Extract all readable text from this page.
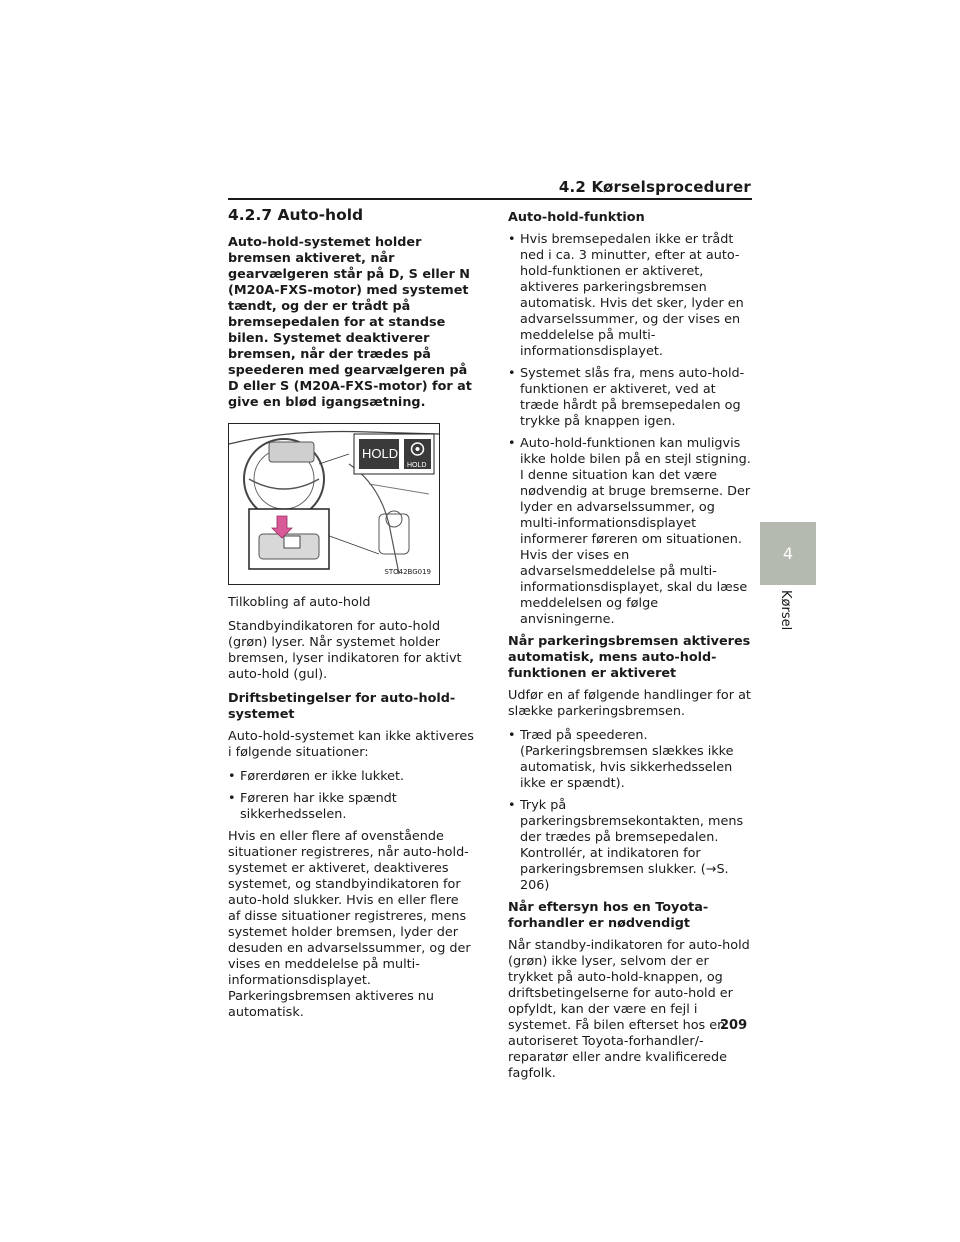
4.2 Kørselsprocedurer
4
Kørsel
4.2.7 Auto-hold

Auto-hold-systemet holder bremsen aktiveret, når gearvælgeren står på D, S eller N (M20A-FXS-motor) med systemet tændt, og der er trådt på bremsepedalen for at standse bilen. Systemet deaktiverer bremsen, når der trædes på speederen med gearvælgeren på D eller S (M20A-FXS-motor) for at give en blød igangsætning.

HOLD
HOLD
STO42BG019

Tilkobling af auto-hold

Standbyindikatoren for auto-hold (grøn) lyser. Når systemet holder bremsen, lyser indikatoren for aktivt auto-hold (gul).

Driftsbetingelser for auto-hold-systemet

Auto-hold-systemet kan ikke aktiveres i følgende situationer:

• Førerdøren er ikke lukket.
• Føreren har ikke spændt sikkerhedsselen.

Hvis en eller flere af ovenstående situationer registreres, når auto-hold-systemet er aktiveret, deaktiveres systemet, og standbyindikatoren for auto-hold slukker. Hvis en eller flere af disse situationer registreres, mens systemet holder bremsen, lyder der desuden en advarselssummer, og der vises en meddelelse på multi-informationsdisplayet. Parkeringsbremsen aktiveres nu automatisk.

Auto-hold-funktion

• Hvis bremsepedalen ikke er trådt ned i ca. 3 minutter, efter at auto-hold-funktionen er aktiveret, aktiveres parkeringsbremsen automatisk. Hvis det sker, lyder en advarselssummer, og der vises en meddelelse på multi-informationsdisplayet.
• Systemet slås fra, mens auto-hold-funktionen er aktiveret, ved at træde hårdt på bremsepedalen og trykke på knappen igen.
• Auto-hold-funktionen kan muligvis ikke holde bilen på en stejl stigning. I denne situation kan det være nødvendig at bruge bremserne. Der lyder en advarselssummer, og multi-informationsdisplayet informerer føreren om situationen. Hvis der vises en advarselsmeddelelse på multi-informationsdisplayet, skal du læse meddelelsen og følge anvisningerne.

Når parkeringsbremsen aktiveres automatisk, mens auto-hold-funktionen er aktiveret

Udfør en af følgende handlinger for at slække parkeringsbremsen.

• Træd på speederen. (Parkeringsbremsen slækkes ikke automatisk, hvis sikkerhedsselen ikke er spændt).
• Tryk på parkeringsbremsekontakten, mens der trædes på bremsepedalen. Kontrollér, at indikatoren for parkeringsbremsen slukker. (→S. 206)

Når eftersyn hos en Toyota-forhandler er nødvendigt

Når standby-indikatoren for auto-hold (grøn) ikke lyser, selvom der er trykket på auto-hold-knappen, og driftsbetingelserne for auto-hold er opfyldt, kan der være en fejl i systemet. Få bilen efterset hos en autoriseret Toyota-forhandler/-reparatør eller andre kvalificerede fagfolk.

209
